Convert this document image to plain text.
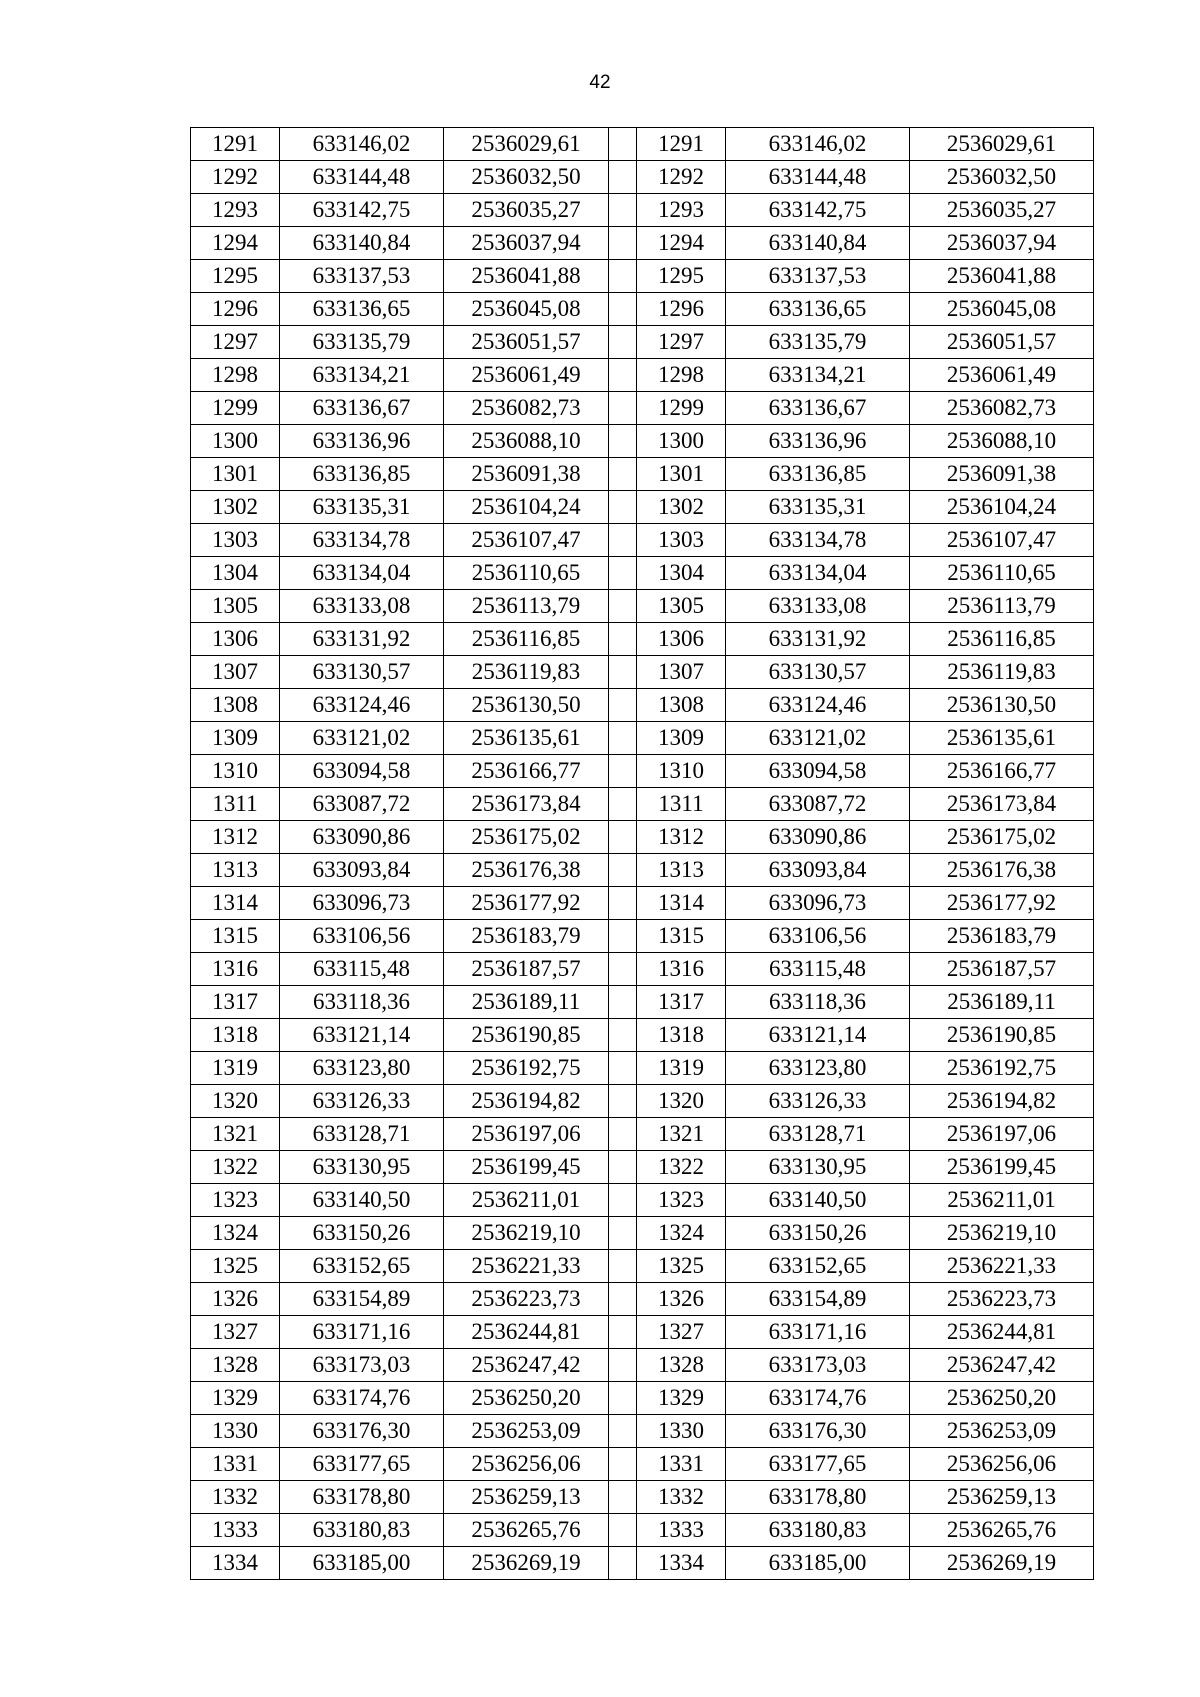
42
1291	633146,02	2536029,61		1291	633146,02	2536029,61
1292	633144,48	2536032,50		1292	633144,48	2536032,50
1293	633142,75	2536035,27		1293	633142,75	2536035,27
1294	633140,84	2536037,94		1294	633140,84	2536037,94
1295	633137,53	2536041,88		1295	633137,53	2536041,88
1296	633136,65	2536045,08		1296	633136,65	2536045,08
1297	633135,79	2536051,57		1297	633135,79	2536051,57
1298	633134,21	2536061,49		1298	633134,21	2536061,49
1299	633136,67	2536082,73		1299	633136,67	2536082,73
1300	633136,96	2536088,10		1300	633136,96	2536088,10
1301	633136,85	2536091,38		1301	633136,85	2536091,38
1302	633135,31	2536104,24		1302	633135,31	2536104,24
1303	633134,78	2536107,47		1303	633134,78	2536107,47
1304	633134,04	2536110,65		1304	633134,04	2536110,65
1305	633133,08	2536113,79		1305	633133,08	2536113,79
1306	633131,92	2536116,85		1306	633131,92	2536116,85
1307	633130,57	2536119,83		1307	633130,57	2536119,83
1308	633124,46	2536130,50		1308	633124,46	2536130,50
1309	633121,02	2536135,61		1309	633121,02	2536135,61
1310	633094,58	2536166,77		1310	633094,58	2536166,77
1311	633087,72	2536173,84		1311	633087,72	2536173,84
1312	633090,86	2536175,02		1312	633090,86	2536175,02
1313	633093,84	2536176,38		1313	633093,84	2536176,38
1314	633096,73	2536177,92		1314	633096,73	2536177,92
1315	633106,56	2536183,79		1315	633106,56	2536183,79
1316	633115,48	2536187,57		1316	633115,48	2536187,57
1317	633118,36	2536189,11		1317	633118,36	2536189,11
1318	633121,14	2536190,85		1318	633121,14	2536190,85
1319	633123,80	2536192,75		1319	633123,80	2536192,75
1320	633126,33	2536194,82		1320	633126,33	2536194,82
1321	633128,71	2536197,06		1321	633128,71	2536197,06
1322	633130,95	2536199,45		1322	633130,95	2536199,45
1323	633140,50	2536211,01		1323	633140,50	2536211,01
1324	633150,26	2536219,10		1324	633150,26	2536219,10
1325	633152,65	2536221,33		1325	633152,65	2536221,33
1326	633154,89	2536223,73		1326	633154,89	2536223,73
1327	633171,16	2536244,81		1327	633171,16	2536244,81
1328	633173,03	2536247,42		1328	633173,03	2536247,42
1329	633174,76	2536250,20		1329	633174,76	2536250,20
1330	633176,30	2536253,09		1330	633176,30	2536253,09
1331	633177,65	2536256,06		1331	633177,65	2536256,06
1332	633178,80	2536259,13		1332	633178,80	2536259,13
1333	633180,83	2536265,76		1333	633180,83	2536265,76
1334	633185,00	2536269,19		1334	633185,00	2536269,19
